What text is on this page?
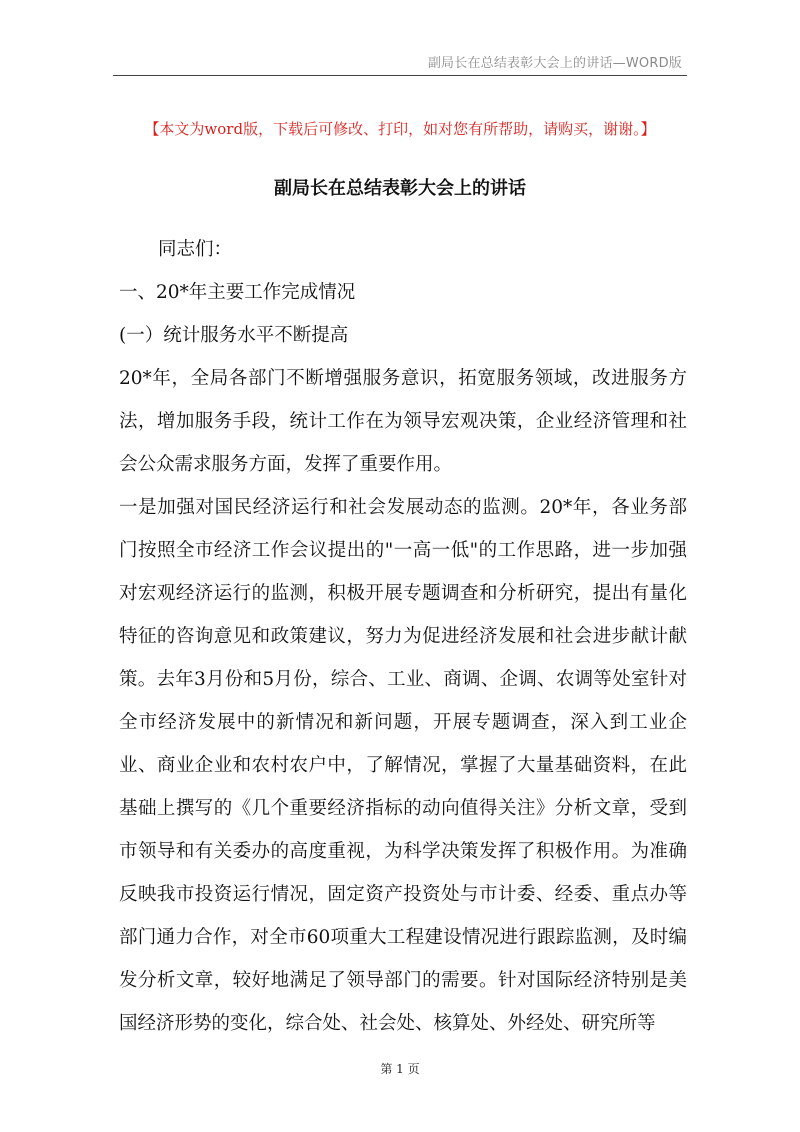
副局长在总结表彰大会上的讲话—WORD版
【本文为word版，下载后可修改、打印，如对您有所帮助，请购买，谢谢。】
副局长在总结表彰大会上的讲话
同志们：
一、20*年主要工作完成情况
(一）统计服务水平不断提高

20*年，全局各部门不断增强服务意识，拓宽服务领域，改进服务方法，增加服务手段，统计工作在为领导宏观决策，企业经济管理和社会公众需求服务方面，发挥了重要作用。

一是加强对国民经济运行和社会发展动态的监测。20*年，各业务部门按照全市经济工作会议提出的"一高一低"的工作思路，进一步加强对宏观经济运行的监测，积极开展专题调查和分析研究，提出有量化特征的咨询意见和政策建议，努力为促进经济发展和社会进步献计献策。去年3月份和5月份，综合、工业、商调、企调、农调等处室针对全市经济发展中的新情况和新问题，开展专题调查，深入到工业企业、商业企业和农村农户中，了解情况，掌握了大量基础资料，在此基础上撰写的《几个重要经济指标的动向值得关注》分析文章，受到市领导和有关委办的高度重视，为科学决策发挥了积极作用。为准确反映我市投资运行情况，固定资产投资处与市计委、经委、重点办等部门通力合作，对全市60项重大工程建设情况进行跟踪监测，及时编发分析文章，较好地满足了领导部门的需要。针对国际经济特别是美国经济形势的变化，综合处、社会处、核算处、外经处、研究所等

第 1 页
